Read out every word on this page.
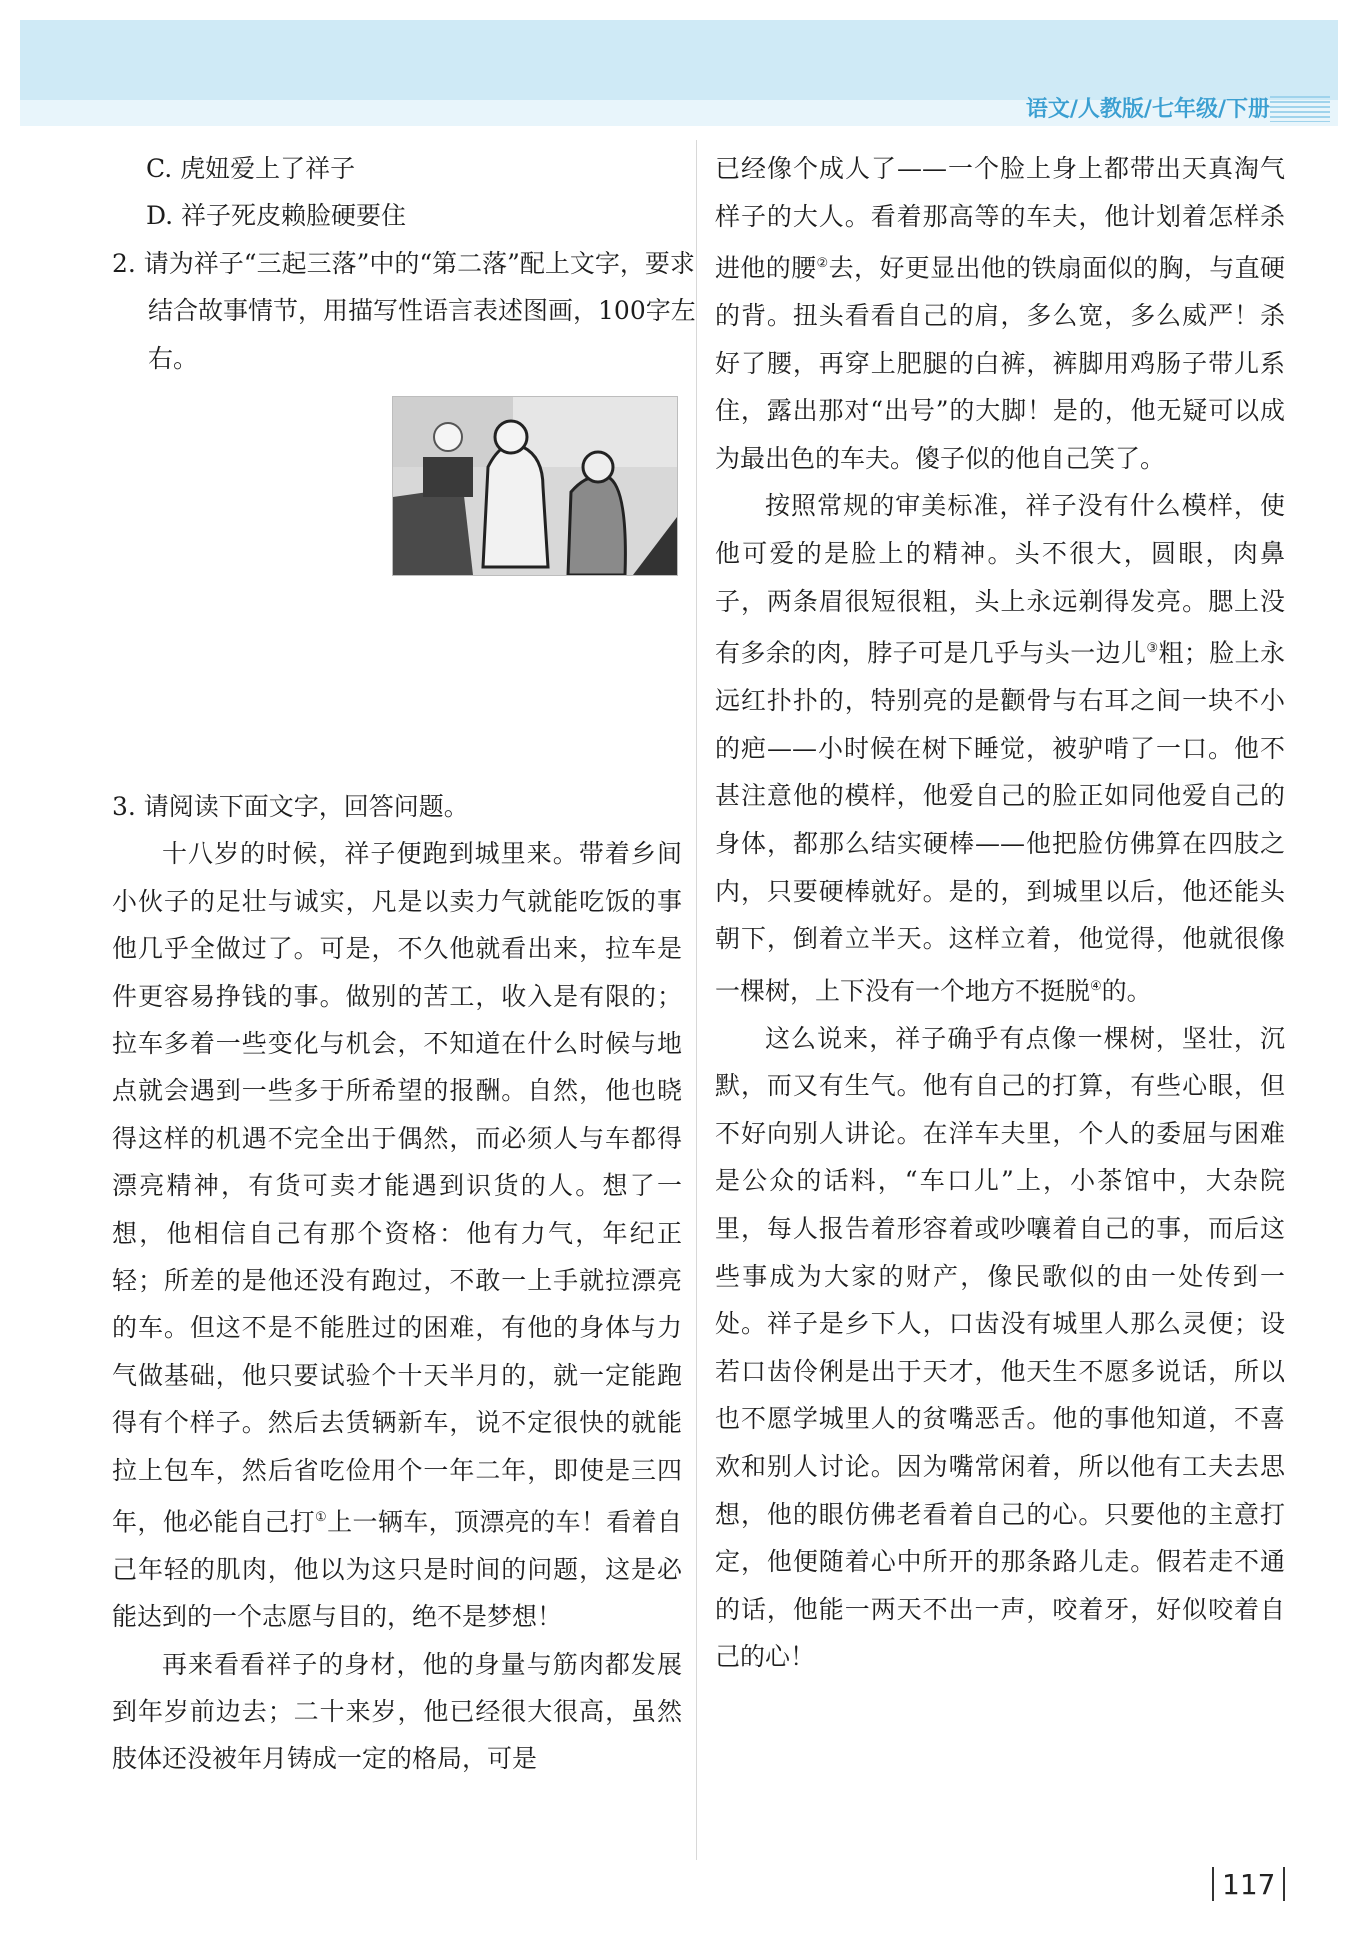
语文/人教版/七年级/下册

C. 虎妞爱上了祥子

D. 祥子死皮赖脸硬要住

2. 请为祥子“三起三落”中的“第二落”配上文字，要求结合故事情节，用描写性语言表述图画，100字左右。

3. 请阅读下面文字，回答问题。

十八岁的时候，祥子便跑到城里来。带着乡间小伙子的足壮与诚实，凡是以卖力气就能吃饭的事他几乎全做过了。可是，不久他就看出来，拉车是件更容易挣钱的事。做别的苦工，收入是有限的；拉车多着一些变化与机会，不知道在什么时候与地点就会遇到一些多于所希望的报酬。自然，他也晓得这样的机遇不完全出于偶然，而必须人与车都得漂亮精神，有货可卖才能遇到识货的人。想了一想，他相信自己有那个资格：他有力气，年纪正轻；所差的是他还没有跑过，不敢一上手就拉漂亮的车。但这不是不能胜过的困难，有他的身体与力气做基础，他只要试验个十天半月的，就一定能跑得有个样子。然后去赁辆新车，说不定很快的就能拉上包车，然后省吃俭用个一年二年，即使是三四年，他必能自己打①上一辆车，顶漂亮的车！看着自己年轻的肌肉，他以为这只是时间的问题，这是必能达到的一个志愿与目的，绝不是梦想！

再来看看祥子的身材，他的身量与筋肉都发展到年岁前边去；二十来岁，他已经很大很高，虽然肢体还没被年月铸成一定的格局，可是

已经像个成人了——一个脸上身上都带出天真淘气样子的大人。看着那高等的车夫，他计划着怎样杀进他的腰②去，好更显出他的铁扇面似的胸，与直硬的背。扭头看看自己的肩，多么宽，多么威严！杀好了腰，再穿上肥腿的白裤，裤脚用鸡肠子带儿系住，露出那对“出号”的大脚！是的，他无疑可以成为最出色的车夫。傻子似的他自己笑了。

按照常规的审美标准，祥子没有什么模样，使他可爱的是脸上的精神。头不很大，圆眼，肉鼻子，两条眉很短很粗，头上永远剃得发亮。腮上没有多余的肉，脖子可是几乎与头一边儿③粗；脸上永远红扑扑的，特别亮的是颧骨与右耳之间一块不小的疤——小时候在树下睡觉，被驴啃了一口。他不甚注意他的模样，他爱自己的脸正如同他爱自己的身体，都那么结实硬棒——他把脸仿佛算在四肢之内，只要硬棒就好。是的，到城里以后，他还能头朝下，倒着立半天。这样立着，他觉得，他就很像一棵树，上下没有一个地方不挺脱④的。

这么说来，祥子确乎有点像一棵树，坚壮，沉默，而又有生气。他有自己的打算，有些心眼，但不好向别人讲论。在洋车夫里，个人的委屈与困难是公众的话料，“车口儿”上，小茶馆中，大杂院里，每人报告着形容着或吵嚷着自己的事，而后这些事成为大家的财产，像民歌似的由一处传到一处。祥子是乡下人，口齿没有城里人那么灵便；设若口齿伶俐是出于天才，他天生不愿多说话，所以也不愿学城里人的贫嘴恶舌。他的事他知道，不喜欢和别人讨论。因为嘴常闲着，所以他有工夫去思想，他的眼仿佛老看着自己的心。只要他的主意打定，他便随着心中所开的那条路儿走。假若走不通的话，他能一两天不出一声，咬着牙，好似咬着自己的心！

117
